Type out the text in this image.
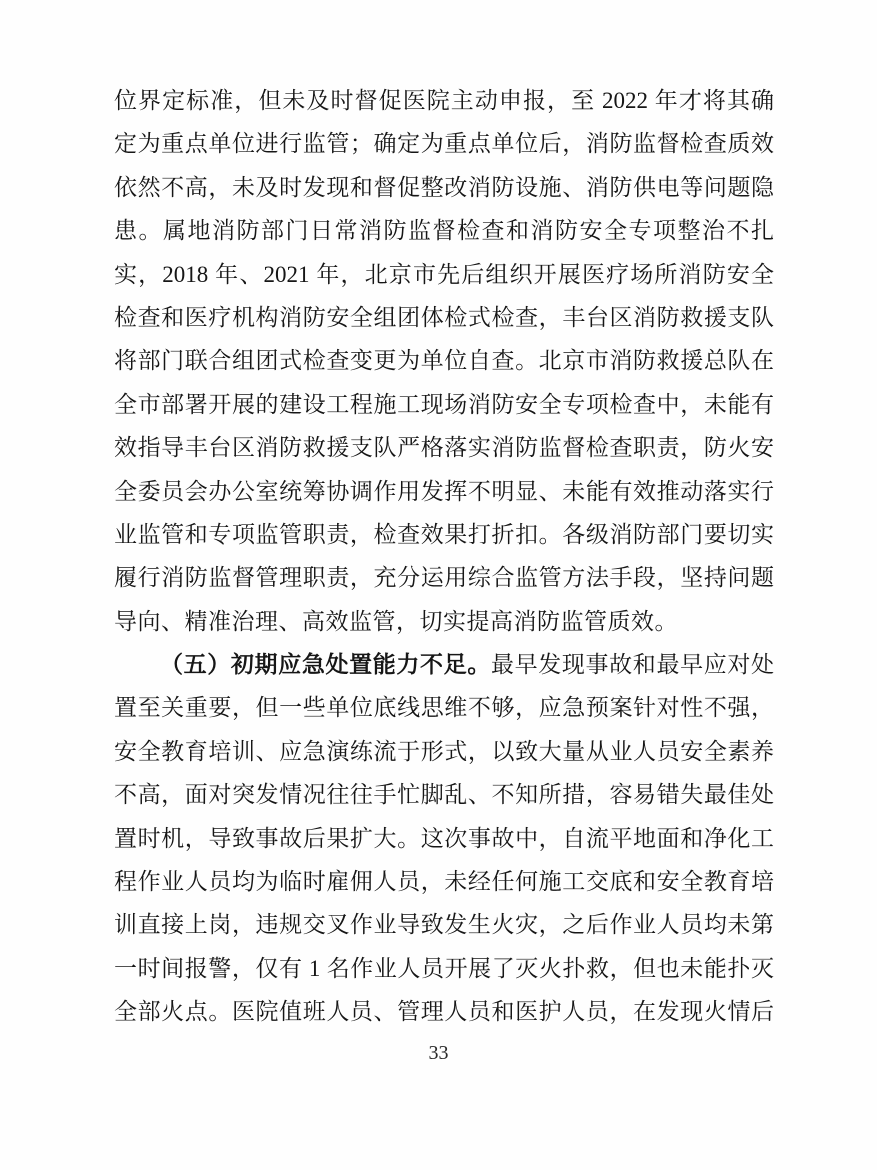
位界定标准，但未及时督促医院主动申报，至 2022 年才将其确
定为重点单位进行监管；确定为重点单位后，消防监督检查质效
依然不高，未及时发现和督促整改消防设施、消防供电等问题隐
患。属地消防部门日常消防监督检查和消防安全专项整治不扎
实，2018 年、2021 年，北京市先后组织开展医疗场所消防安全
检查和医疗机构消防安全组团体检式检查，丰台区消防救援支队
将部门联合组团式检查变更为单位自查。北京市消防救援总队在
全市部署开展的建设工程施工现场消防安全专项检查中，未能有
效指导丰台区消防救援支队严格落实消防监督检查职责，防火安
全委员会办公室统筹协调作用发挥不明显、未能有效推动落实行
业监管和专项监管职责，检查效果打折扣。各级消防部门要切实
履行消防监督管理职责，充分运用综合监管方法手段，坚持问题
导向、精准治理、高效监管，切实提高消防监管质效。
（五）初期应急处置能力不足。最早发现事故和最早应对处
置至关重要，但一些单位底线思维不够，应急预案针对性不强，
安全教育培训、应急演练流于形式，以致大量从业人员安全素养
不高，面对突发情况往往手忙脚乱、不知所措，容易错失最佳处
置时机，导致事故后果扩大。这次事故中，自流平地面和净化工
程作业人员均为临时雇佣人员，未经任何施工交底和安全教育培
训直接上岗，违规交叉作业导致发生火灾，之后作业人员均未第
一时间报警，仅有 1 名作业人员开展了灭火扑救，但也未能扑灭
全部火点。医院值班人员、管理人员和医护人员，在发现火情后
33
